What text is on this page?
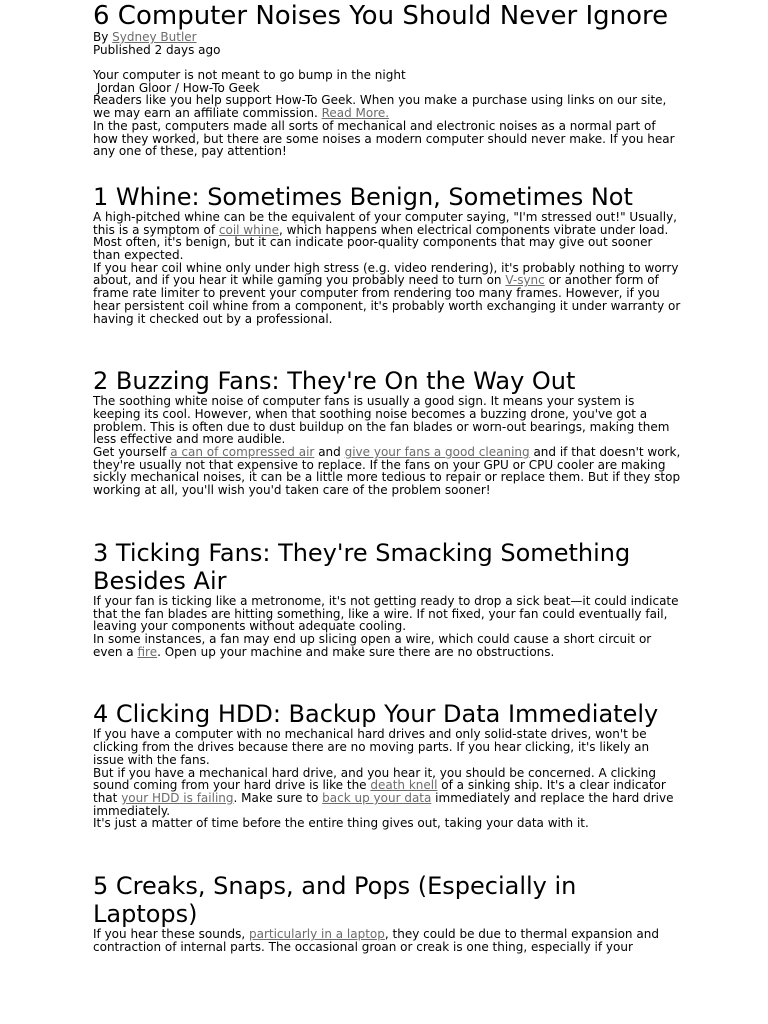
6 Computer Noises You Should Never Ignore

By Sydney Butler

Published 2 days ago

Your computer is not meant to go bump in the night

Jordan Gloor / How-To Geek

Readers like you help support How-To Geek. When you make a purchase using links on our site, we may earn an affiliate commission. Read More.

In the past, computers made all sorts of mechanical and electronic noises as a normal part of how they worked, but there are some noises a modern computer should never make. If you hear any one of these, pay attention!

1 Whine: Sometimes Benign, Sometimes Not

A high-pitched whine can be the equivalent of your computer saying, "I'm stressed out!" Usually, this is a symptom of coil whine, which happens when electrical components vibrate under load. Most often, it's benign, but it can indicate poor-quality components that may give out sooner than expected.

If you hear coil whine only under high stress (e.g. video rendering), it's probably nothing to worry about, and if you hear it while gaming you probably need to turn on V-sync or another form of frame rate limiter to prevent your computer from rendering too many frames. However, if you hear persistent coil whine from a component, it's probably worth exchanging it under warranty or having it checked out by a professional.

2 Buzzing Fans: They're On the Way Out

The soothing white noise of computer fans is usually a good sign. It means your system is keeping its cool. However, when that soothing noise becomes a buzzing drone, you've got a problem. This is often due to dust buildup on the fan blades or worn-out bearings, making them less effective and more audible.

Get yourself a can of compressed air and give your fans a good cleaning and if that doesn't work, they're usually not that expensive to replace. If the fans on your GPU or CPU cooler are making sickly mechanical noises, it can be a little more tedious to repair or replace them. But if they stop working at all, you'll wish you'd taken care of the problem sooner!

3 Ticking Fans: They're Smacking Something Besides Air

If your fan is ticking like a metronome, it's not getting ready to drop a sick beat—it could indicate that the fan blades are hitting something, like a wire. If not fixed, your fan could eventually fail, leaving your components without adequate cooling.

In some instances, a fan may end up slicing open a wire, which could cause a short circuit or even a fire. Open up your machine and make sure there are no obstructions.

4 Clicking HDD: Backup Your Data Immediately

If you have a computer with no mechanical hard drives and only solid-state drives, won't be clicking from the drives because there are no moving parts. If you hear clicking, it's likely an issue with the fans.

But if you have a mechanical hard drive, and you hear it, you should be concerned. A clicking sound coming from your hard drive is like the death knell of a sinking ship. It's a clear indicator that your HDD is failing. Make sure to back up your data immediately and replace the hard drive immediately.

It's just a matter of time before the entire thing gives out, taking your data with it.

5 Creaks, Snaps, and Pops (Especially in Laptops)

If you hear these sounds, particularly in a laptop, they could be due to thermal expansion and contraction of internal parts. The occasional groan or creak is one thing, especially if your
